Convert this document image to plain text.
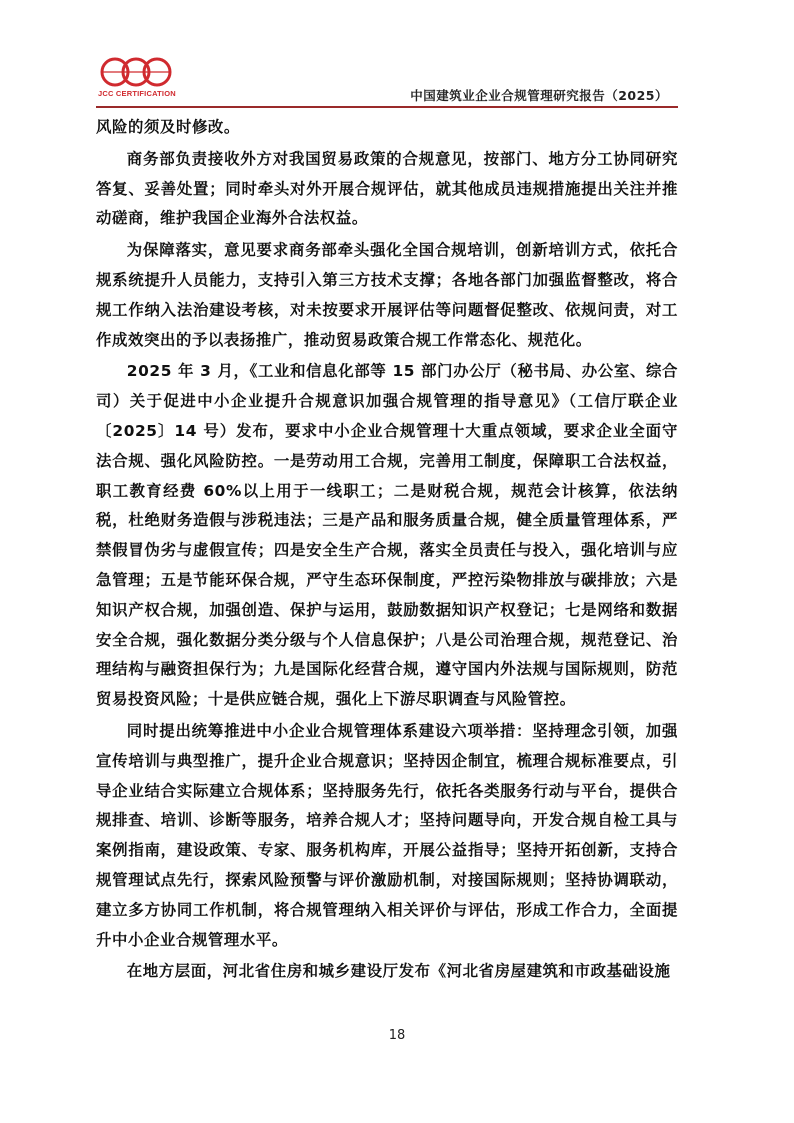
JCC CERTIFICATION	中国建筑业企业合规管理研究报告（2025）

风险的须及时修改。

商务部负责接收外方对我国贸易政策的合规意见，按部门、地方分工协同研究答复、妥善处置；同时牵头对外开展合规评估，就其他成员违规措施提出关注并推动磋商，维护我国企业海外合法权益。

为保障落实，意见要求商务部牵头强化全国合规培训，创新培训方式，依托合规系统提升人员能力，支持引入第三方技术支撑；各地各部门加强监督整改，将合规工作纳入法治建设考核，对未按要求开展评估等问题督促整改、依规问责，对工作成效突出的予以表扬推广，推动贸易政策合规工作常态化、规范化。

2025 年 3 月，《工业和信息化部等 15 部门办公厅（秘书局、办公室、综合司）关于促进中小企业提升合规意识加强合规管理的指导意见》（工信厅联企业〔2025〕14 号）发布，要求中小企业合规管理十大重点领域，要求企业全面守法合规、强化风险防控。一是劳动用工合规，完善用工制度，保障职工合法权益，职工教育经费 60%以上用于一线职工；二是财税合规，规范会计核算，依法纳税，杜绝财务造假与涉税违法；三是产品和服务质量合规，健全质量管理体系，严禁假冒伪劣与虚假宣传；四是安全生产合规，落实全员责任与投入，强化培训与应急管理；五是节能环保合规，严守生态环保制度，严控污染物排放与碳排放；六是知识产权合规，加强创造、保护与运用，鼓励数据知识产权登记；七是网络和数据安全合规，强化数据分类分级与个人信息保护；八是公司治理合规，规范登记、治理结构与融资担保行为；九是国际化经营合规，遵守国内外法规与国际规则，防范贸易投资风险；十是供应链合规，强化上下游尽职调查与风险管控。

同时提出统筹推进中小企业合规管理体系建设六项举措：坚持理念引领，加强宣传培训与典型推广，提升企业合规意识；坚持因企制宜，梳理合规标准要点，引导企业结合实际建立合规体系；坚持服务先行，依托各类服务行动与平台，提供合规排查、培训、诊断等服务，培养合规人才；坚持问题导向，开发合规自检工具与案例指南，建设政策、专家、服务机构库，开展公益指导；坚持开拓创新，支持合规管理试点先行，探索风险预警与评价激励机制，对接国际规则；坚持协调联动，建立多方协同工作机制，将合规管理纳入相关评价与评估，形成工作合力，全面提升中小企业合规管理水平。

在地方层面，河北省住房和城乡建设厅发布《河北省房屋建筑和市政基础设施

18
